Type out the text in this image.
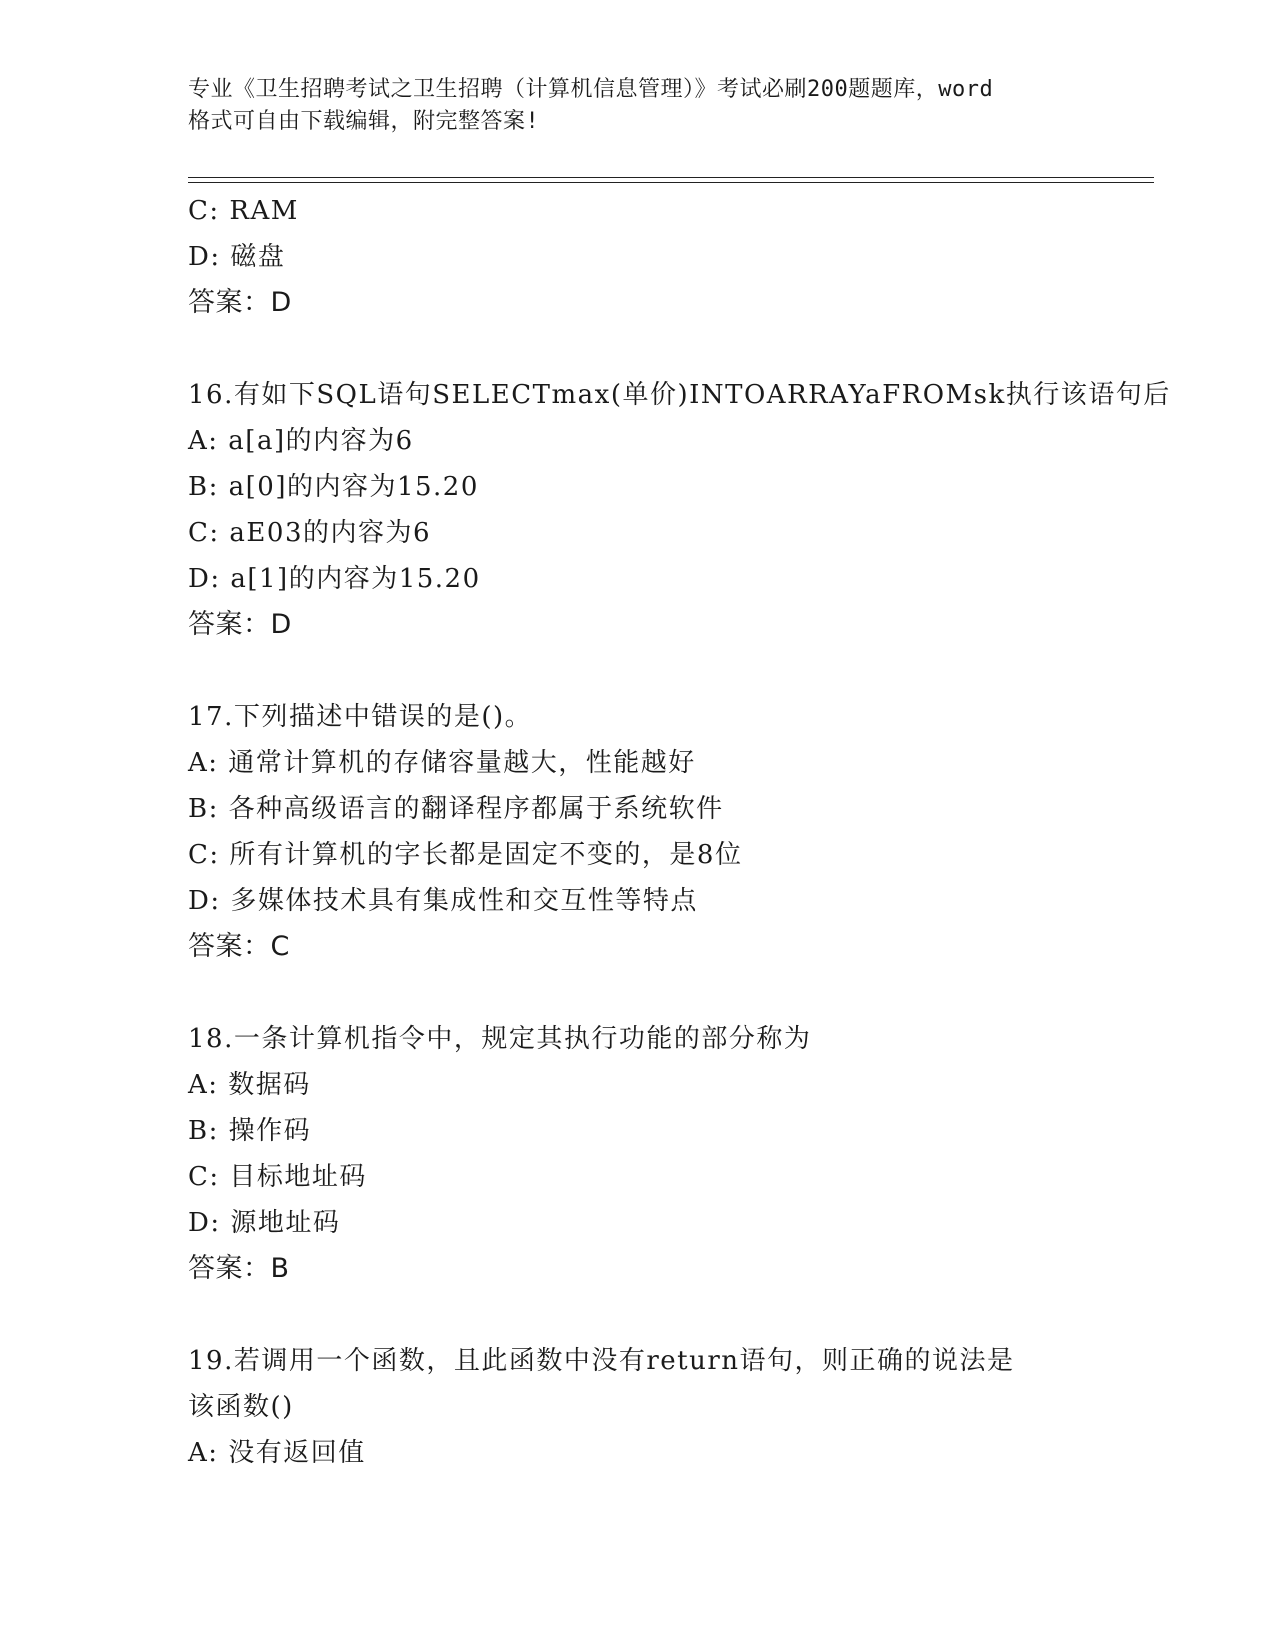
专业《卫生招聘考试之卫生招聘（计算机信息管理）》考试必刷200题题库，word
格式可自由下载编辑，附完整答案!
C: RAM
D: 磁盘
答案：D
16.有如下SQL语句SELECTmax(单价)INTOARRAYaFROMsk执行该语句后
A: a[a]的内容为6
B: a[0]的内容为15.20
C: aE03的内容为6
D: a[1]的内容为15.20
答案：D
17.下列描述中错误的是()。
A: 通常计算机的存储容量越大，性能越好
B: 各种高级语言的翻译程序都属于系统软件
C: 所有计算机的字长都是固定不变的，是8位
D: 多媒体技术具有集成性和交互性等特点
答案：C
18.一条计算机指令中，规定其执行功能的部分称为
A: 数据码
B: 操作码
C: 目标地址码
D: 源地址码
答案：B
19.若调用一个函数，且此函数中没有return语句，则正确的说法是
该函数()
A: 没有返回值
